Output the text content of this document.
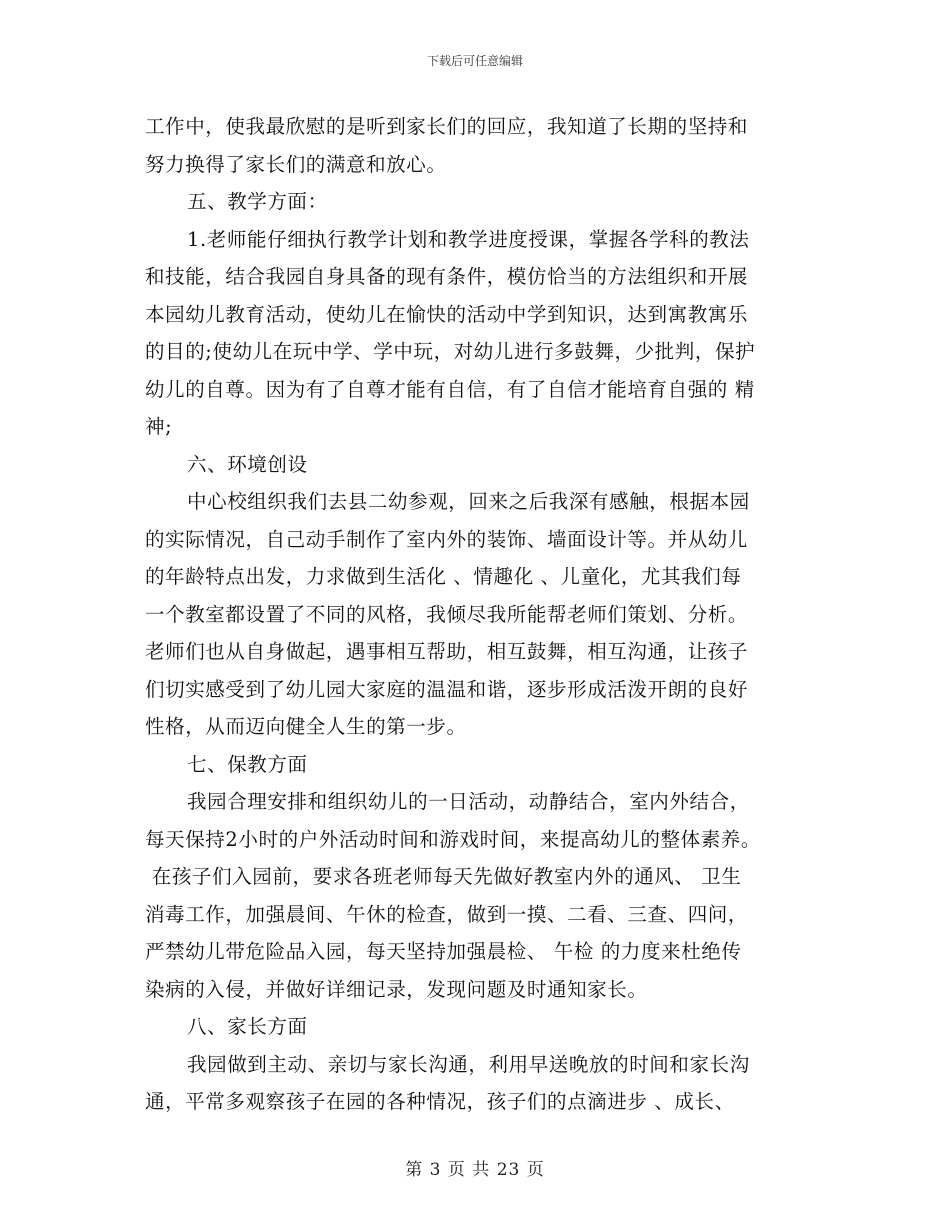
下载后可任意编辑
工作中，使我最欣慰的是听到家长们的回应，我知道了长期的坚持和
努力换得了家长们的满意和放心。
五、教学方面：
1.老师能仔细执行教学计划和教学进度授课，掌握各学科的教法
和技能，结合我园自身具备的现有条件，模仿恰当的方法组织和开展
本园幼儿教育活动，使幼儿在愉快的活动中学到知识，达到寓教寓乐
的目的;使幼儿在玩中学、学中玩，对幼儿进行多鼓舞，少批判，保护
幼儿的自尊。因为有了自尊才能有自信，有了自信才能培育自强的 精
神;
六、环境创设
中心校组织我们去县二幼参观，回来之后我深有感触，根据本园
的实际情况，自己动手制作了室内外的装饰、墙面设计等。并从幼儿
的年龄特点出发，力求做到生活化 、情趣化 、儿童化，尤其我们每
一个教室都设置了不同的风格，我倾尽我所能帮老师们策划、分析。
老师们也从自身做起，遇事相互帮助，相互鼓舞，相互沟通，让孩子
们切实感受到了幼儿园大家庭的温温和谐，逐步形成活泼开朗的良好
性格，从而迈向健全人生的第一步。
七、保教方面
我园合理安排和组织幼儿的一日活动，动静结合，室内外结合，
每天保持2小时的户外活动时间和游戏时间，来提高幼儿的整体素养。
在孩子们入园前，要求各班老师每天先做好教室内外的通风、 卫生
消毒工作，加强晨间、午休的检查，做到一摸、二看、三查、四问，
严禁幼儿带危险品入园，每天坚持加强晨检、 午检 的力度来杜绝传
染病的入侵，并做好详细记录，发现问题及时通知家长。
八、家长方面
我园做到主动、亲切与家长沟通，利用早送晚放的时间和家长沟
通，平常多观察孩子在园的各种情况，孩子们的点滴进步 、成长、
第 3 页 共 23 页
